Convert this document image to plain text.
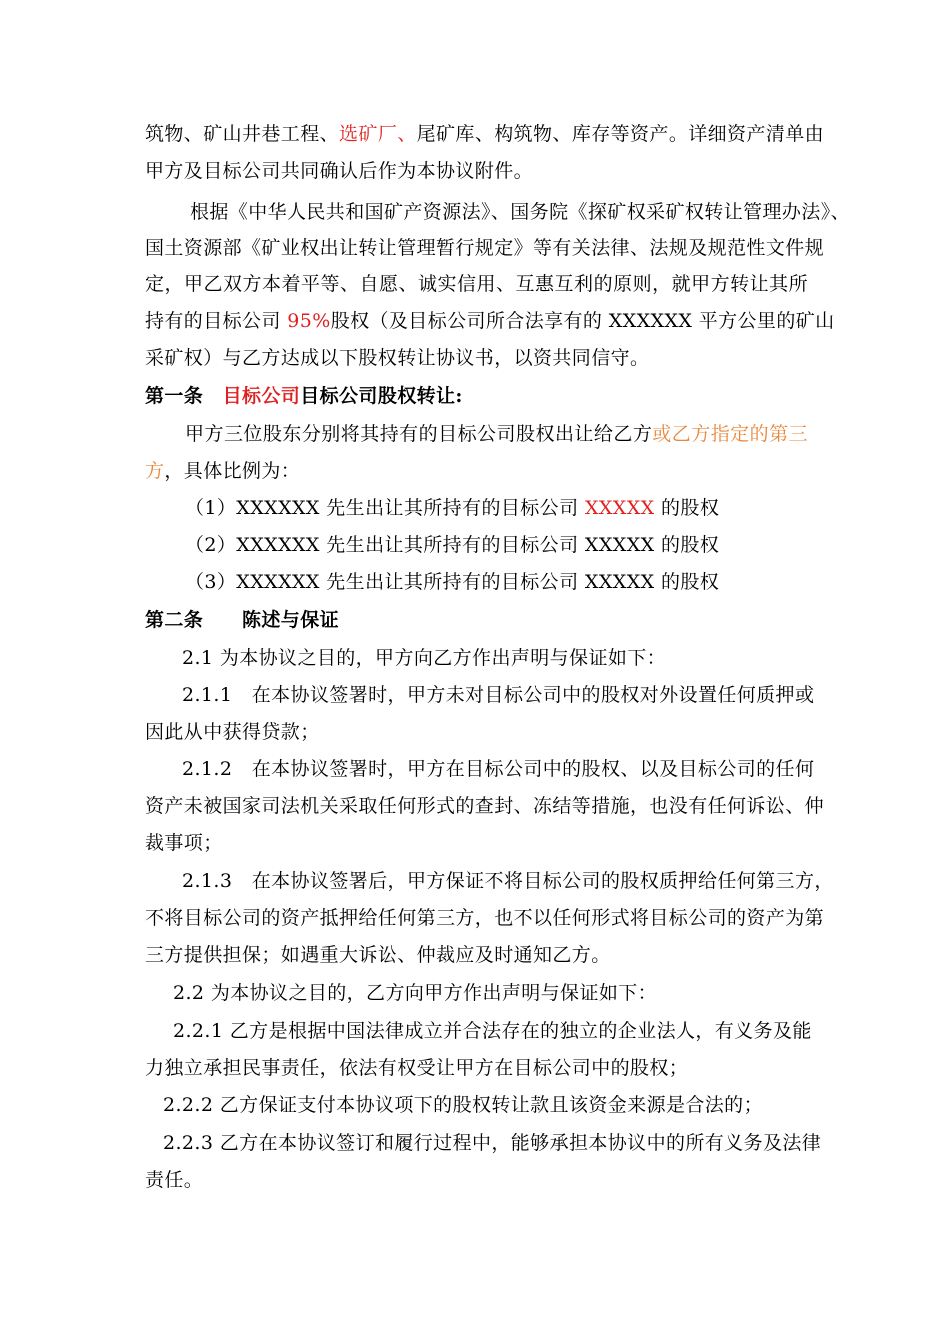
筑物、矿山井巷工程、选矿厂、尾矿库、构筑物、库存等资产。详细资产清单由
甲方及目标公司共同确认后作为本协议附件。
根据《中华人民共和国矿产资源法》、国务院《探矿权采矿权转让管理办法》、
国土资源部《矿业权出让转让管理暂行规定》等有关法律、法规及规范性文件规
定，甲乙双方本着平等、自愿、诚实信用、互惠互利的原则，就甲方转让其所
持有的目标公司 95%股权（及目标公司所合法享有的 XXXXXX 平方公里的矿山
采矿权）与乙方达成以下股权转让协议书，以资共同信守。
第一条　目标公司目标公司股权转让:
甲方三位股东分别将其持有的目标公司股权出让给乙方或乙方指定的第三
方，具体比例为：
（1）XXXXXX 先生出让其所持有的目标公司 XXXXX 的股权
（2）XXXXXX 先生出让其所持有的目标公司 XXXXX 的股权
（3）XXXXXX 先生出让其所持有的目标公司 XXXXX 的股权
第二条　　陈述与保证
2.1 为本协议之目的，甲方向乙方作出声明与保证如下：
2.1.1　在本协议签署时，甲方未对目标公司中的股权对外设置任何质押或
因此从中获得贷款；
2.1.2　在本协议签署时，甲方在目标公司中的股权、以及目标公司的任何
资产未被国家司法机关采取任何形式的查封、冻结等措施，也没有任何诉讼、仲
裁事项；
2.1.3　在本协议签署后，甲方保证不将目标公司的股权质押给任何第三方，
不将目标公司的资产抵押给任何第三方，也不以任何形式将目标公司的资产为第
三方提供担保；如遇重大诉讼、仲裁应及时通知乙方。
2.2 为本协议之目的，乙方向甲方作出声明与保证如下：
2.2.1 乙方是根据中国法律成立并合法存在的独立的企业法人，有义务及能
力独立承担民事责任，依法有权受让甲方在目标公司中的股权；
2.2.2 乙方保证支付本协议项下的股权转让款且该资金来源是合法的；
2.2.3 乙方在本协议签订和履行过程中，能够承担本协议中的所有义务及法律
责任。
